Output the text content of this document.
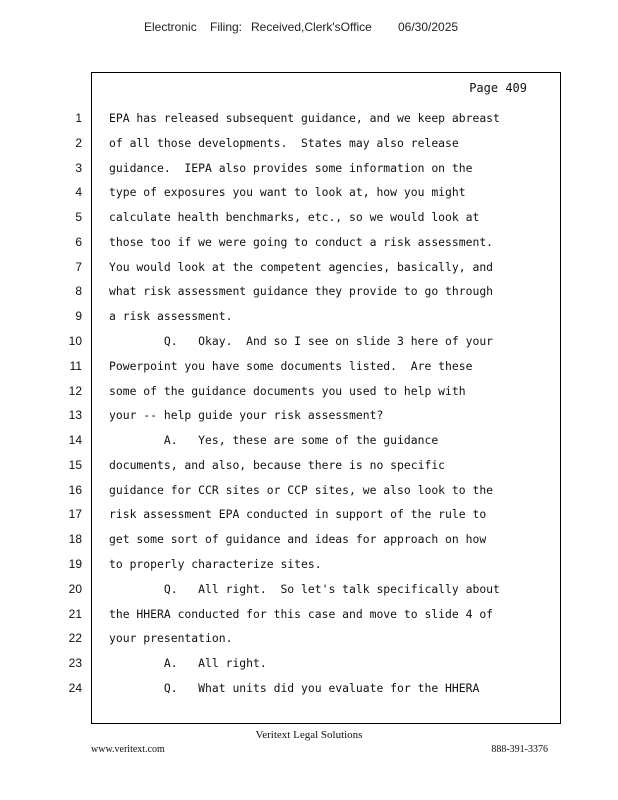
Electronic Filing: Received,Clerk'sOffice 06/30/2025
Page 409
1 EPA has released subsequent guidance, and we keep abreast
2 of all those developments.  States may also release
3 guidance.  IEPA also provides some information on the
4 type of exposures you want to look at, how you might
5 calculate health benchmarks, etc., so we would look at
6 those too if we were going to conduct a risk assessment.
7 You would look at the competent agencies, basically, and
8 what risk assessment guidance they provide to go through
9 a risk assessment.
10 Q.   Okay.  And so I see on slide 3 here of your
11 Powerpoint you have some documents listed.  Are these
12 some of the guidance documents you used to help with
13 your -- help guide your risk assessment?
14 A.   Yes, these are some of the guidance
15 documents, and also, because there is no specific
16 guidance for CCR sites or CCP sites, we also look to the
17 risk assessment EPA conducted in support of the rule to
18 get some sort of guidance and ideas for approach on how
19 to properly characterize sites.
20 Q.   All right.  So let's talk specifically about
21 the HHERA conducted for this case and move to slide 4 of
22 your presentation.
23 A.   All right.
24 Q.   What units did you evaluate for the HHERA
Veritext Legal Solutions
www.veritext.com	888-391-3376
